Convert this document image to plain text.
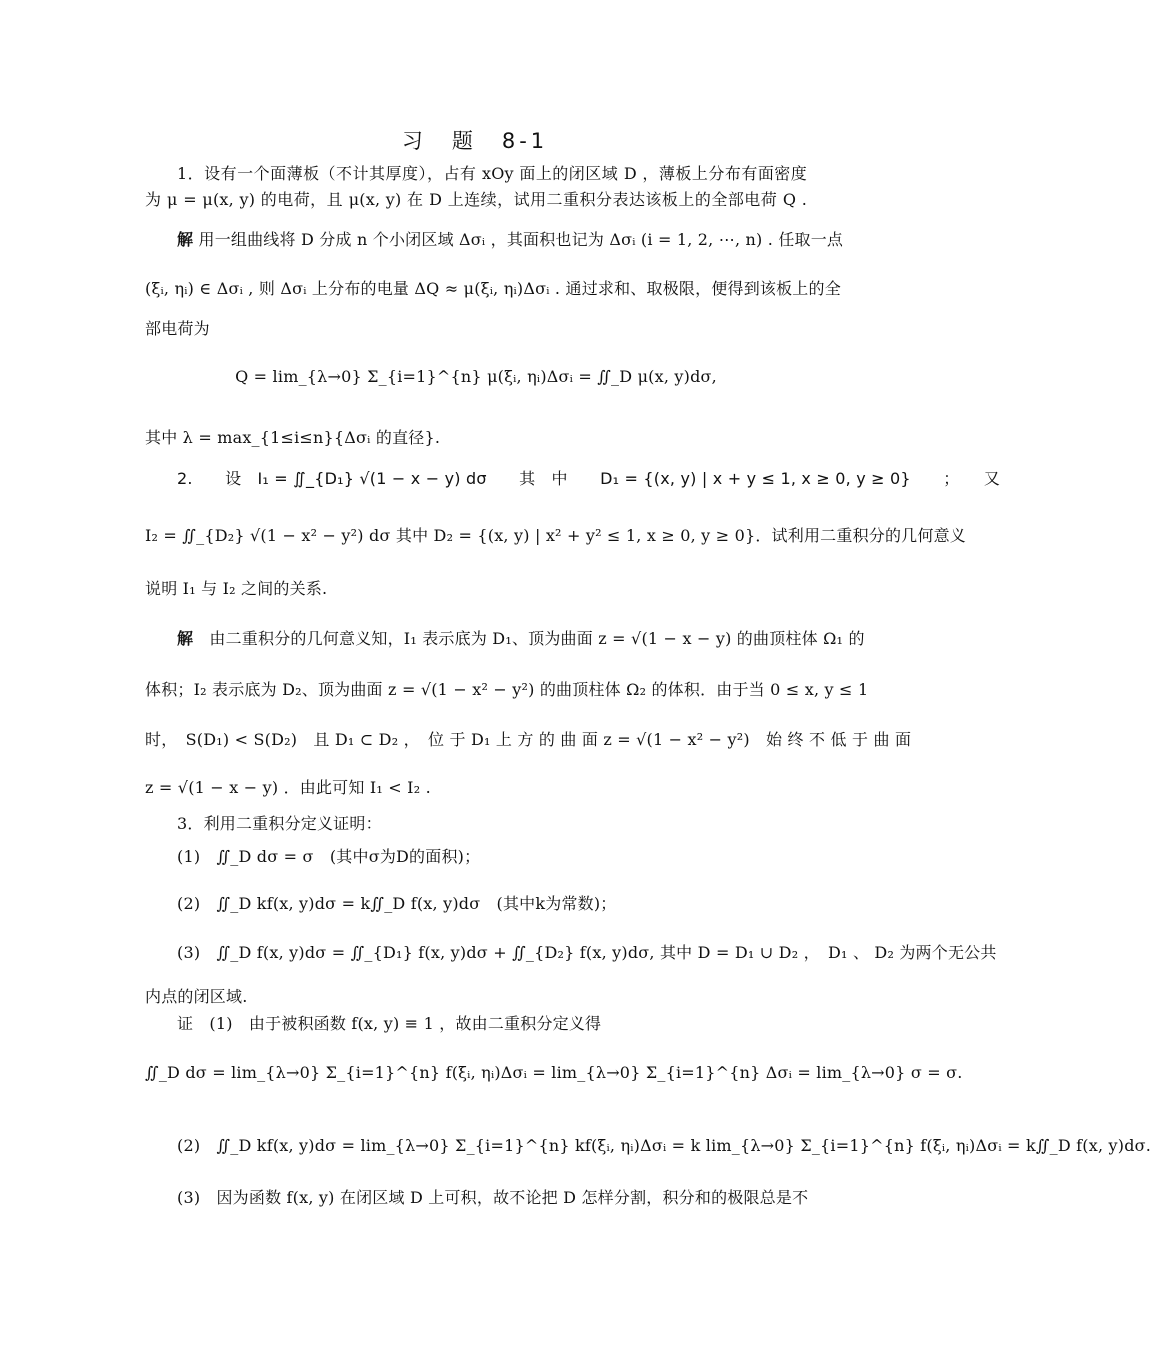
习　题　8-1
1．设有一个面薄板（不计其厚度），占有 xOy 面上的闭区域 D ，薄板上分布有面密度
为 μ = μ(x, y) 的电荷，且 μ(x, y) 在 D 上连续，试用二重积分表达该板上的全部电荷 Q .
解 用一组曲线将 D 分成 n 个小闭区域 Δσᵢ ，其面积也记为 Δσᵢ (i = 1, 2, ⋯, n) . 任取一点
(ξᵢ, ηᵢ) ∈ Δσᵢ , 则 Δσᵢ 上分布的电量 ΔQ ≈ μ(ξᵢ, ηᵢ)Δσᵢ . 通过求和、取极限，便得到该板上的全
部电荷为
Q = lim_{λ→0} Σ_{i=1}^{n} μ(ξᵢ, ηᵢ)Δσᵢ = ∬_D μ(x, y)dσ,
其中 λ = max_{1≤i≤n}{Δσᵢ 的直径}.
2.　　设　I₁ = ∬_{D₁} √(1 − x − y) dσ　　其　中　　D₁ = {(x, y) | x + y ≤ 1, x ≥ 0, y ≥ 0}　　；　　又
I₂ = ∬_{D₂} √(1 − x² − y²) dσ 其中 D₂ = {(x, y) | x² + y² ≤ 1, x ≥ 0, y ≥ 0}．试利用二重积分的几何意义
说明 I₁ 与 I₂ 之间的关系.
解　由二重积分的几何意义知，I₁ 表示底为 D₁、顶为曲面 z = √(1 − x − y) 的曲顶柱体 Ω₁ 的
体积；I₂ 表示底为 D₂、顶为曲面 z = √(1 − x² − y²) 的曲顶柱体 Ω₂ 的体积．由于当 0 ≤ x, y ≤ 1
时，　S(D₁) < S(D₂)　且 D₁ ⊂ D₂ ，　位 于 D₁ 上 方 的 曲 面 z = √(1 − x² − y²)　始 终 不 低 于 曲 面
z = √(1 − x − y) ．由此可知 I₁ < I₂ .
3．利用二重积分定义证明：
(1)　∬_D dσ = σ　(其中σ为D的面积)；
(2)　∬_D kf(x, y)dσ = k∬_D f(x, y)dσ　(其中k为常数)；
(3)　∬_D f(x, y)dσ = ∬_{D₁} f(x, y)dσ + ∬_{D₂} f(x, y)dσ, 其中 D = D₁ ∪ D₂ ，　D₁ 、 D₂ 为两个无公共
内点的闭区域.
证　(1)　由于被积函数 f(x, y) ≡ 1 ，故由二重积分定义得
∬_D dσ = lim_{λ→0} Σ_{i=1}^{n} f(ξᵢ, ηᵢ)Δσᵢ = lim_{λ→0} Σ_{i=1}^{n} Δσᵢ = lim_{λ→0} σ = σ.
(2)　∬_D kf(x, y)dσ = lim_{λ→0} Σ_{i=1}^{n} kf(ξᵢ, ηᵢ)Δσᵢ = k lim_{λ→0} Σ_{i=1}^{n} f(ξᵢ, ηᵢ)Δσᵢ = k∬_D f(x, y)dσ.
(3)　因为函数 f(x, y) 在闭区域 D 上可积，故不论把 D 怎样分割，积分和的极限总是不
